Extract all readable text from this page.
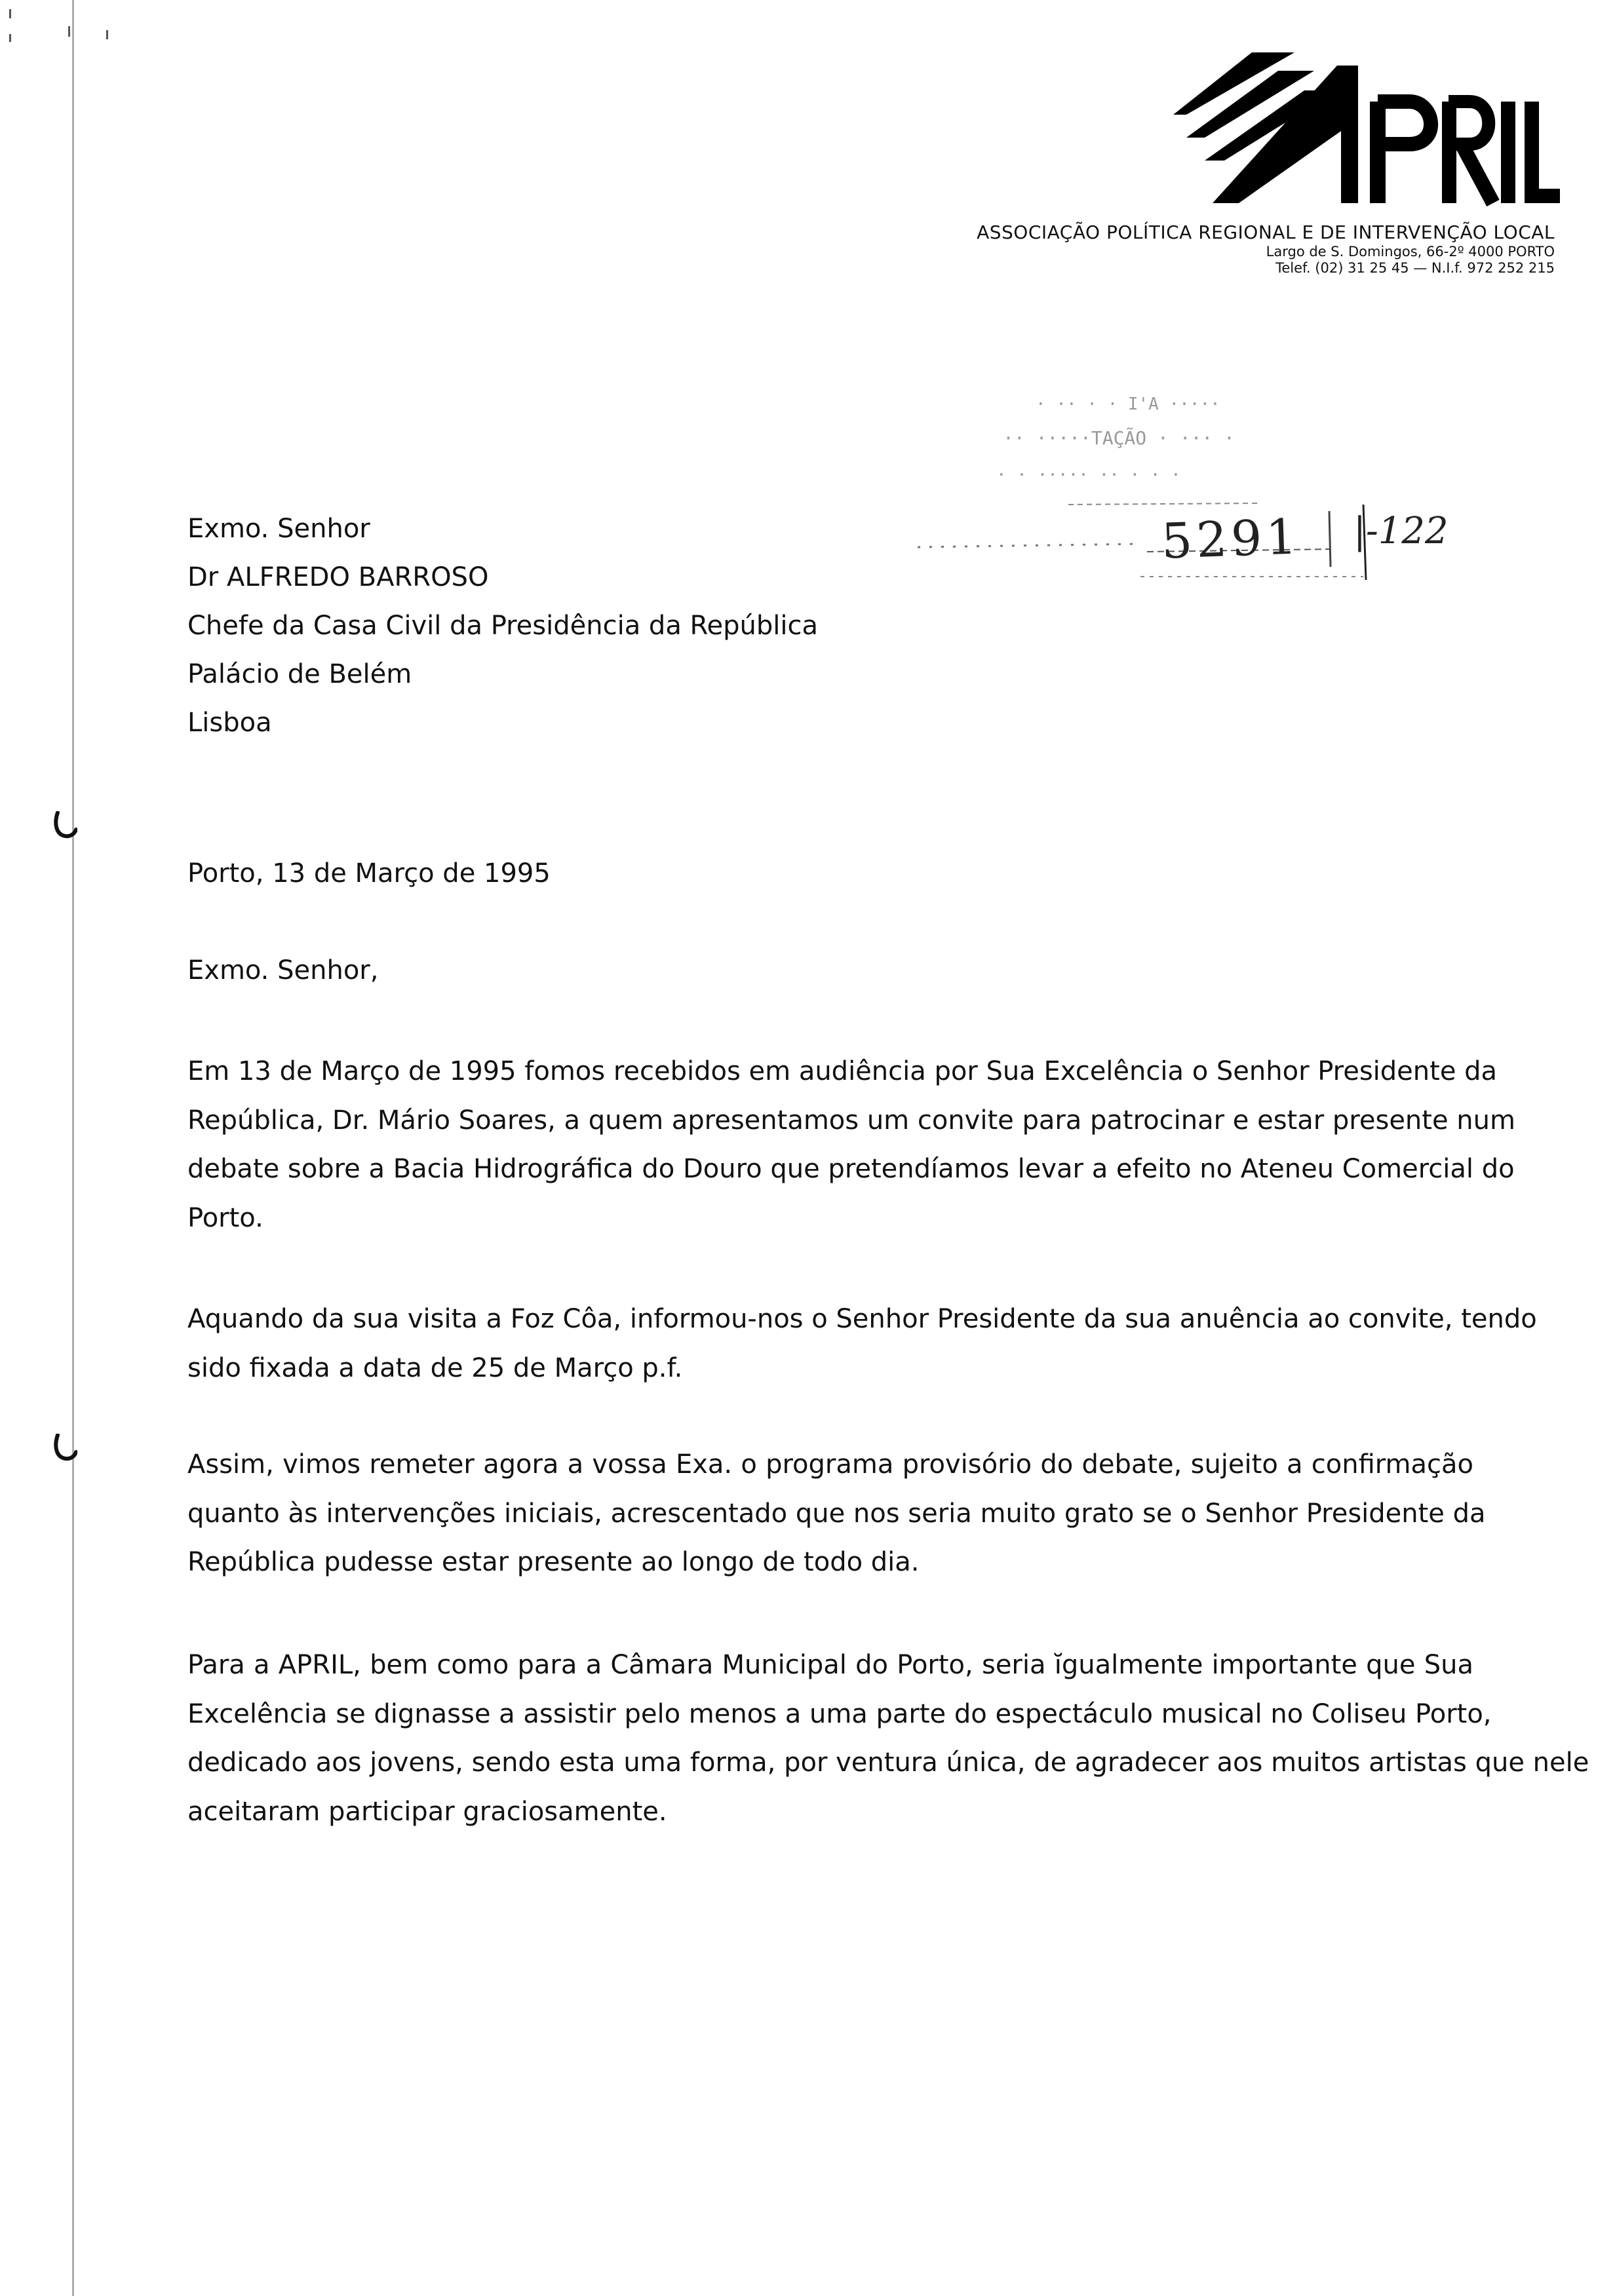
ASSOCIAÇÃO POLÍTICA REGIONAL E DE INTERVENÇÃO LOCAL
Largo de S. Domingos, 66-2º 4000 PORTO
Telef. (02) 31 25 45 — N.I.f. 972 252 215
· ·· · · I'A ·····
·· ·····TAÇÃO · ··· ·
· · ····· ·· · · ·
5291 |-122
Exmo. Senhor
Dr ALFREDO BARROSO
Chefe da Casa Civil da Presidência da República
Palácio de Belém
Lisboa
Porto, 13 de Março de 1995
Exmo. Senhor,
Em 13 de Março de 1995 fomos recebidos em audiência por Sua Excelência o Senhor Presidente da
República, Dr. Mário Soares, a quem apresentamos um convite para patrocinar e estar presente num
debate sobre a Bacia Hidrográfica do Douro que pretendíamos levar a efeito no Ateneu Comercial do
Porto.
Aquando da sua visita a Foz Côa, informou-nos o Senhor Presidente da sua anuência ao convite, tendo
sido fixada a data de 25 de Março p.f.
Assim, vimos remeter agora a vossa Exa. o programa provisório do debate, sujeito a confirmação
quanto às intervenções iniciais, acrescentado que nos seria muito grato se o Senhor Presidente da
República pudesse estar presente ao longo de todo dia.
Para a APRIL, bem como para a Câmara Municipal do Porto, seria ĭgualmente importante que Sua
Excelência se dignasse a assistir pelo menos a uma parte do espectáculo musical no Coliseu Porto,
dedicado aos jovens, sendo esta uma forma, por ventura única, de agradecer aos muitos artistas que nele
aceitaram participar graciosamente.
